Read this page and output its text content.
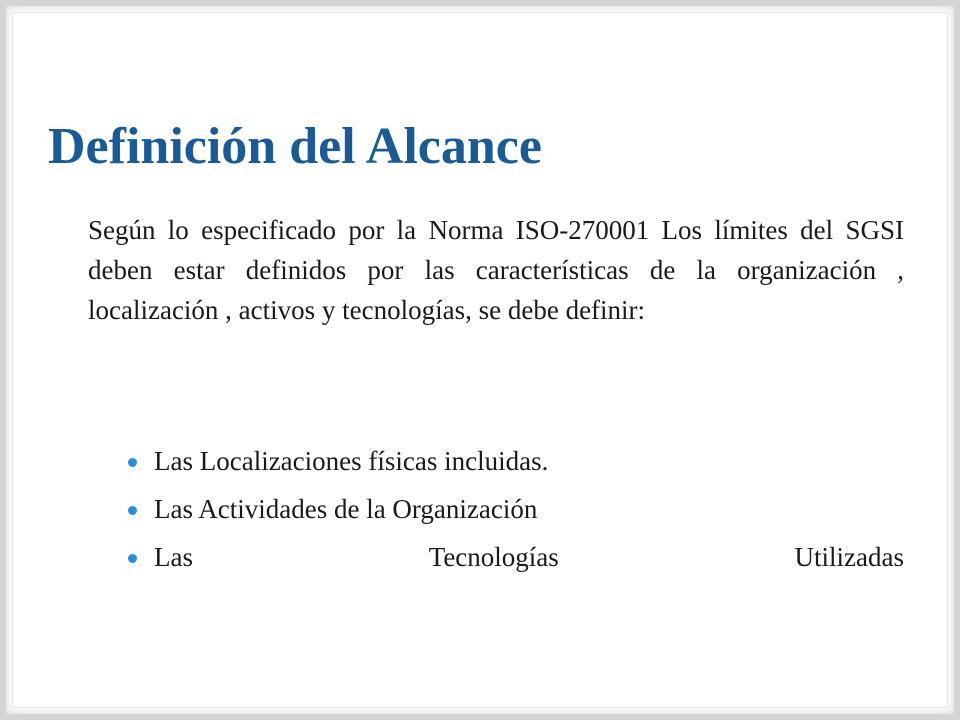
Definición del Alcance

Según lo especificado por la Norma ISO-270001 Los límites del SGSI deben estar definidos por las características de la organización , localización , activos y tecnologías, se debe definir:

Las Localizaciones físicas incluidas.
Las Actividades de la Organización
Las	Tecnologías	Utilizadas
